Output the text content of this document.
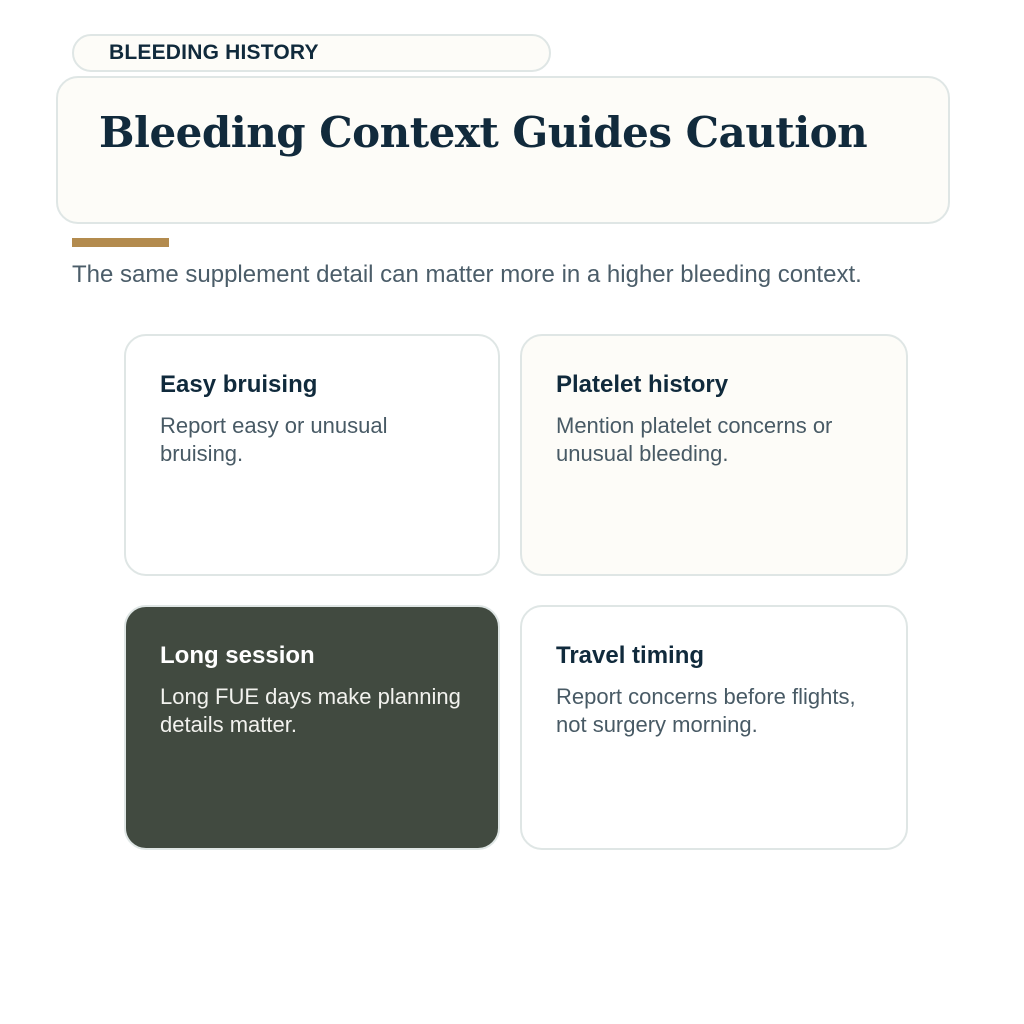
BLEEDING HISTORY
Bleeding Context Guides Caution

The same supplement detail can matter more in a higher bleeding context.

Easy bruising

Report easy or unusual bruising.

Platelet history

Mention platelet concerns or unusual bleeding.

Long session

Long FUE days make planning details matter.

Travel timing

Report concerns before flights, not surgery morning.
